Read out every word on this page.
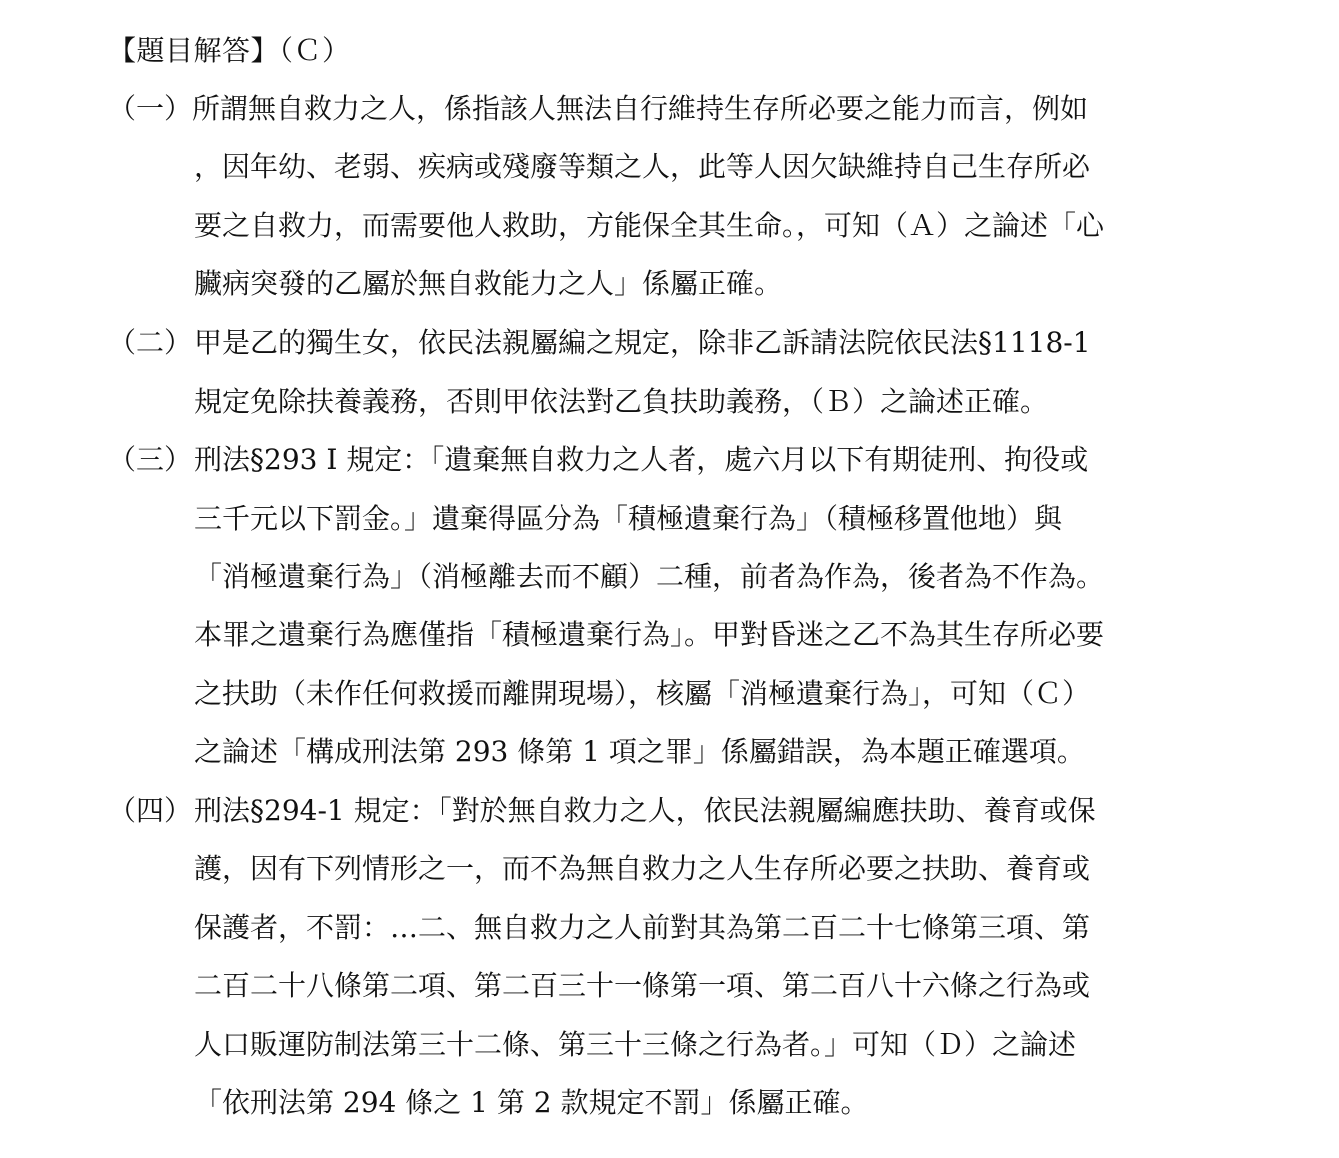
【題目解答】（Ｃ）
（一） 所謂無自救力之人，係指該人無法自行維持生存所必要之能力而言，例如
，因年幼、老弱、疾病或殘廢等類之人，此等人因欠缺維持自己生存所必
要之自救力，而需要他人救助，方能保全其生命。，可知（Ａ）之論述「心
臟病突發的乙屬於無自救能力之人」係屬正確。
（二） 甲是乙的獨生女，依民法親屬編之規定，除非乙訴請法院依民法§1118-1
規定免除扶養義務，否則甲依法對乙負扶助義務，（Ｂ）之論述正確。
（三） 刑法§293 I 規定：「遺棄無自救力之人者，處六月以下有期徒刑、拘役或
三千元以下罰金。」遺棄得區分為「積極遺棄行為」（積極移置他地）與
「消極遺棄行為」（消極離去而不顧）二種，前者為作為，後者為不作為。
本罪之遺棄行為應僅指「積極遺棄行為」。甲對昏迷之乙不為其生存所必要
之扶助（未作任何救援而離開現場），核屬「消極遺棄行為」，可知（Ｃ）
之論述「構成刑法第 293 條第 1 項之罪」係屬錯誤，為本題正確選項。
（四） 刑法§294-1 規定：「對於無自救力之人，依民法親屬編應扶助、養育或保
護，因有下列情形之一，而不為無自救力之人生存所必要之扶助、養育或
保護者，不罰：…二、無自救力之人前對其為第二百二十七條第三項、第
二百二十八條第二項、第二百三十一條第一項、第二百八十六條之行為或
人口販運防制法第三十二條、第三十三條之行為者。」可知（Ｄ）之論述
「依刑法第 294 條之 1 第 2 款規定不罰」係屬正確。
